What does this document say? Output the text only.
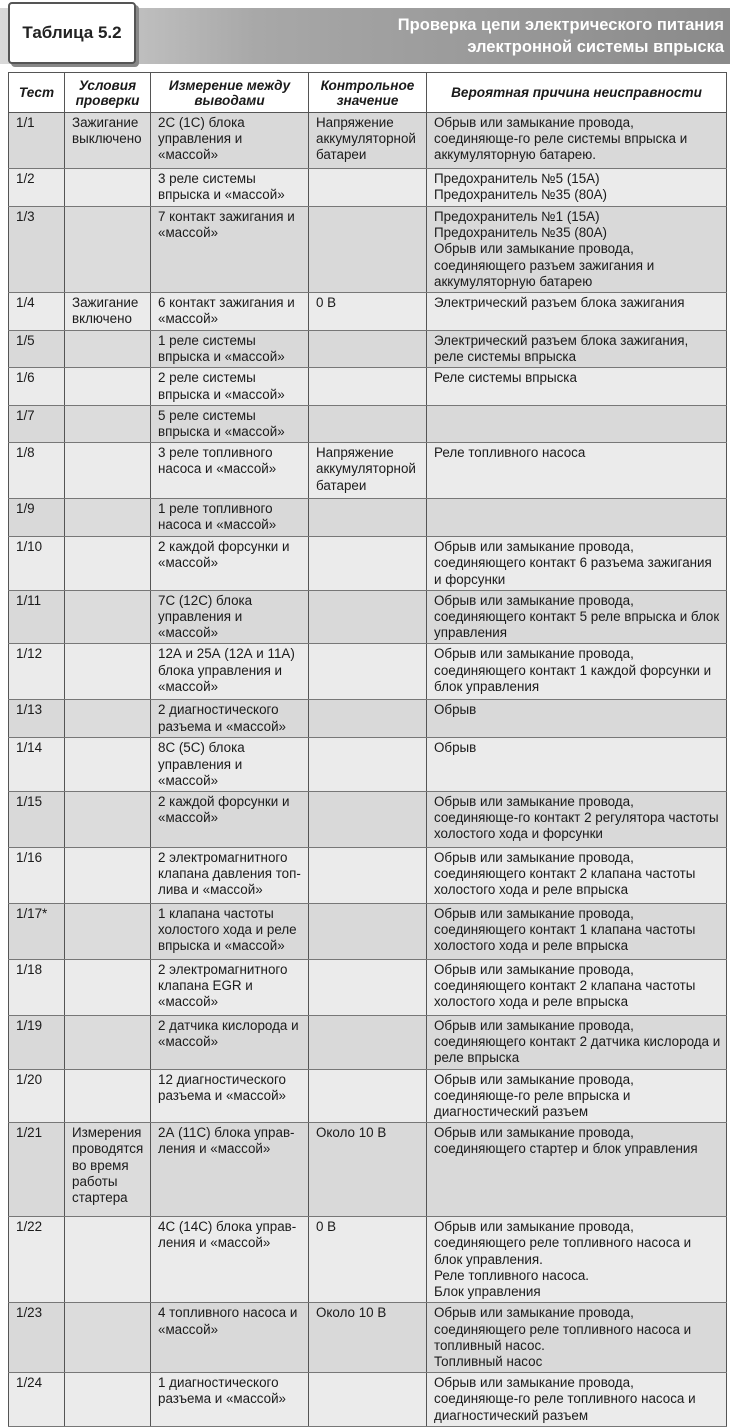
Таблица 5.2	Проверка цепи электрического питания
электронной системы впрыска
Тест	Условия проверки	Измерение между выводами	Контрольное значение	Вероятная причина неисправности
1/1	Зажигание выключено	2С (1С) блока управления и «массой»	Напряжение аккумуляторной батареи	Обрыв или замыкание провода, соединяюще-го реле системы впрыска и аккумуляторную батарею.
1/2		3 реле системы впрыска и «массой»		Предохранитель №5 (15А)
Предохранитель №35 (80А)
1/3		7 контакт зажигания и «массой»		Предохранитель №1 (15А)
Предохранитель №35 (80А)
Обрыв или замыкание провода, соединяющего разъем зажигания и аккумуляторную батарею
1/4	Зажигание включено	6 контакт зажигания и «массой»	0 В	Электрический разъем блока зажигания
1/5		1 реле системы впрыска и «массой»		Электрический разъем блока зажигания, реле системы впрыска
1/6		2 реле системы впрыска и «массой»		Реле системы впрыска
1/7		5 реле системы впрыска и «массой»		
1/8		3 реле топливного насоса и «массой»	Напряжение аккумуляторной батареи	Реле топливного насоса
1/9		1 реле топливного насоса и «массой»		
1/10		2 каждой форсунки и «массой»		Обрыв или замыкание провода, соединяющего контакт 6 разъема зажигания и форсунки
1/11		7С (12С) блока управления и «массой»		Обрыв или замыкание провода, соединяющего контакт 5 реле впрыска и блок управления
1/12		12А и 25А (12А и 11А) блока управления и «массой»		Обрыв или замыкание провода, соединяющего контакт 1 каждой форсунки и блок управления
1/13		2 диагностического разъема и «массой»		Обрыв
1/14		8С (5С) блока управления и «массой»		Обрыв
1/15		2 каждой форсунки и «массой»		Обрыв или замыкание провода, соединяюще-го контакт 2 регулятора частоты холостого хода и форсунки
1/16		2 электромагнитного клапана давления топ-лива и «массой»		Обрыв или замыкание провода, соединяющего контакт 2 клапана частоты холостого хода и реле впрыска
1/17*		1 клапана частоты холостого хода и реле впрыска и «массой»		Обрыв или замыкание провода, соединяющего контакт 1 клапана частоты холостого хода и реле впрыска
1/18		2 электромагнитного клапана EGR и «массой»		Обрыв или замыкание провода, соединяющего контакт 2 клапана частоты холостого хода и реле впрыска
1/19		2 датчика кислорода и «массой»		Обрыв или замыкание провода, соединяющего контакт 2 датчика кислорода и реле впрыска
1/20		12 диагностического разъема и «массой»		Обрыв или замыкание провода, соединяюще-го реле впрыска и диагностический разъем
1/21	Измерения проводятся во время работы стартера	2А (11С) блока управ-ления и «массой»	Около 10 В	Обрыв или замыкание провода, соединяющего стартер и блок управления
1/22		4С (14С) блока управ-ления и «массой»	0 В	Обрыв или замыкание провода, соединяющего реле топливного насоса и блок управления.
Реле топливного насоса.
Блок управления
1/23		4 топливного насоса и «массой»	Около 10 В	Обрыв или замыкание провода, соединяющего реле топливного насоса и топливный насос.
Топливный насос
1/24		1 диагностического разъема и «массой»		Обрыв или замыкание провода, соединяюще-го реле топливного насоса и диагностический разъем
